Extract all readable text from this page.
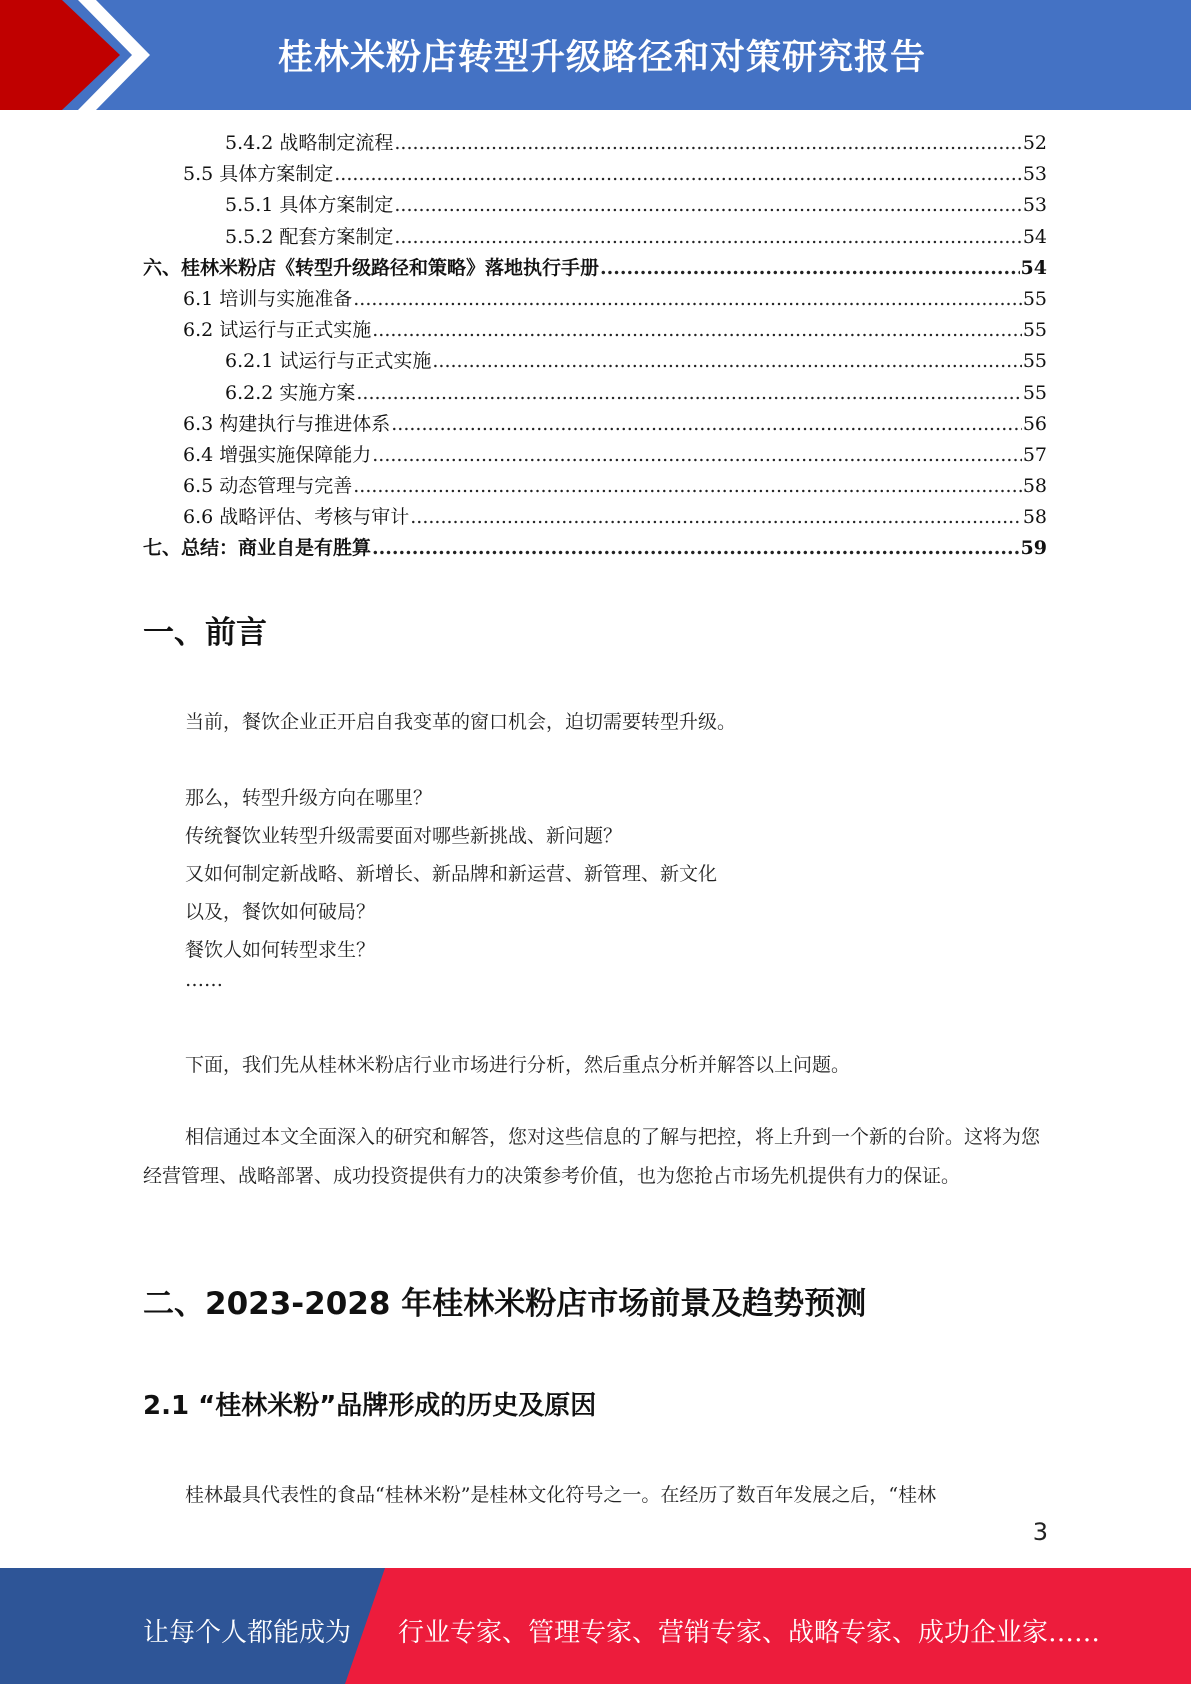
桂林米粉店转型升级路径和对策研究报告
5.4.2 战略制定流程 .....	52
5.5 具体方案制定 .....	53
5.5.1 具体方案制定 .....	53
5.5.2 配套方案制定 .....	54
六、桂林米粉店《转型升级路径和策略》落地执行手册 .....	54
6.1 培训与实施准备 .....	55
6.2 试运行与正式实施 .....	55
6.2.1 试运行与正式实施 .....	55
6.2.2 实施方案 .....	55
6.3 构建执行与推进体系 .....	56
6.4 增强实施保障能力 .....	57
6.5 动态管理与完善 .....	58
6.6 战略评估、考核与审计 .....	58
七、总结：商业自是有胜算 .....	59
一、前言
当前，餐饮企业正开启自我变革的窗口机会，迫切需要转型升级。
那么，转型升级方向在哪里？
传统餐饮业转型升级需要面对哪些新挑战、新问题？
又如何制定新战略、新增长、新品牌和新运营、新管理、新文化
以及，餐饮如何破局？
餐饮人如何转型求生？
……
下面，我们先从桂林米粉店行业市场进行分析，然后重点分析并解答以上问题。
相信通过本文全面深入的研究和解答，您对这些信息的了解与把控，将上升到一个新的台阶。这将为您经营管理、战略部署、成功投资提供有力的决策参考价值，也为您抢占市场先机提供有力的保证。
二、2023-2028 年桂林米粉店市场前景及趋势预测
2.1 “桂林米粉”品牌形成的历史及原因
桂林最具代表性的食品“桂林米粉”是桂林文化符号之一。在经历了数百年发展之后，“桂林
3
让每个人都能成为 行业专家、管理专家、营销专家、战略专家、成功企业家……
